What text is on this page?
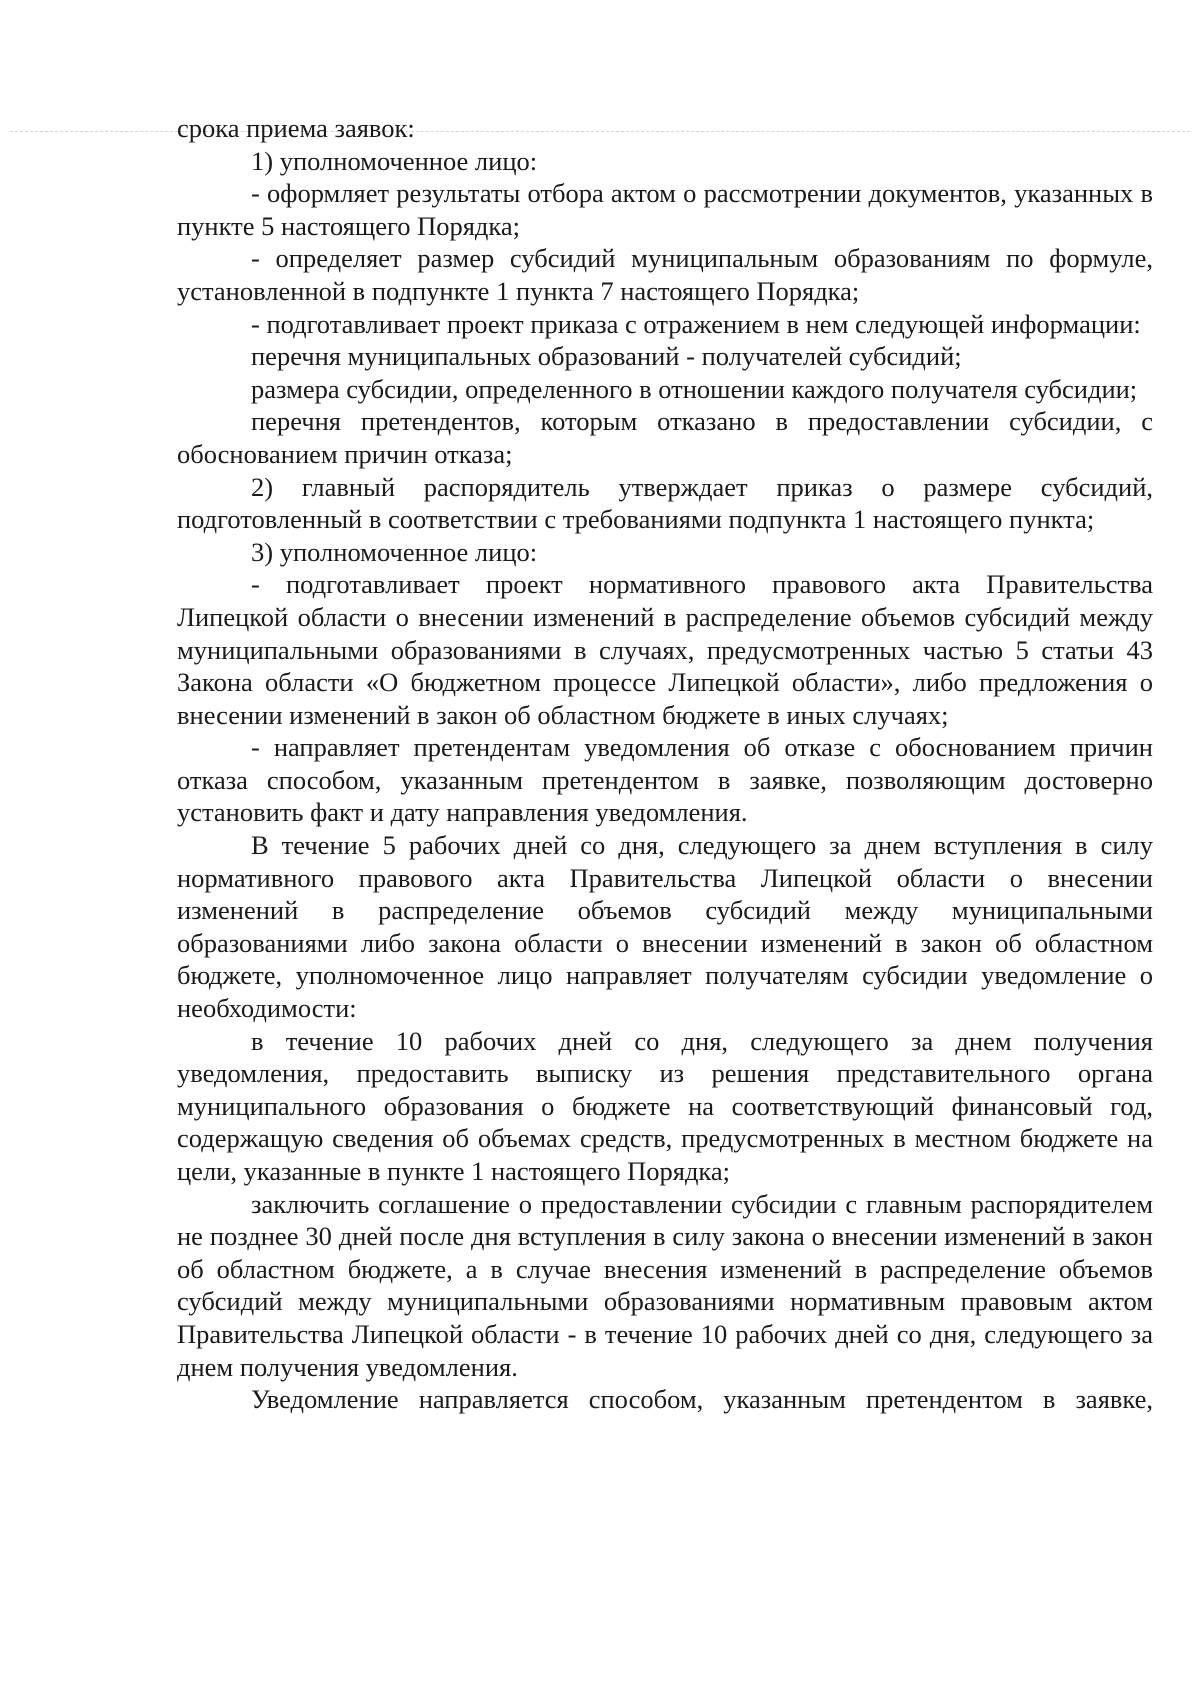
срока приема заявок:

1) уполномоченное лицо:

- оформляет результаты отбора актом о рассмотрении документов, указанных в пункте 5 настоящего Порядка;

- определяет размер субсидий муниципальным образованиям по формуле, установленной в подпункте 1 пункта 7 настоящего Порядка;

- подготавливает проект приказа с отражением в нем следующей информации:

перечня муниципальных образований - получателей субсидий;

размера субсидии, определенного в отношении каждого получателя субсидии;

перечня претендентов, которым отказано в предоставлении субсидии, с обоснованием причин отказа;

2) главный распорядитель утверждает приказ о размере субсидий, подготовленный в соответствии с требованиями подпункта 1 настоящего пункта;

3) уполномоченное лицо:

- подготавливает проект нормативного правового акта Правительства Липецкой области о внесении изменений в распределение объемов субсидий между муниципальными образованиями в случаях, предусмотренных частью 5 статьи 43 Закона области «О бюджетном процессе Липецкой области», либо предложения о внесении изменений в закон об областном бюджете в иных случаях;

- направляет претендентам уведомления об отказе с обоснованием причин отказа способом, указанным претендентом в заявке, позволяющим достоверно установить факт и дату направления уведомления.

В течение 5 рабочих дней со дня, следующего за днем вступления в силу нормативного правового акта Правительства Липецкой области о внесении изменений в распределение объемов субсидий между муниципальными образованиями либо закона области о внесении изменений в закон об областном бюджете, уполномоченное лицо направляет получателям субсидии уведомление о необходимости:

в течение 10 рабочих дней со дня, следующего за днем получения уведомления, предоставить выписку из решения представительного органа муниципального образования о бюджете на соответствующий финансовый год, содержащую сведения об объемах средств, предусмотренных в местном бюджете на цели, указанные в пункте 1 настоящего Порядка;

заключить соглашение о предоставлении субсидии с главным распорядителем не позднее 30 дней после дня вступления в силу закона о внесении изменений в закон об областном бюджете, а в случае внесения изменений в распределение объемов субсидий между муниципальными образованиями нормативным правовым актом Правительства Липецкой области - в течение 10 рабочих дней со дня, следующего за днем получения уведомления.

Уведомление направляется способом, указанным претендентом в заявке,
